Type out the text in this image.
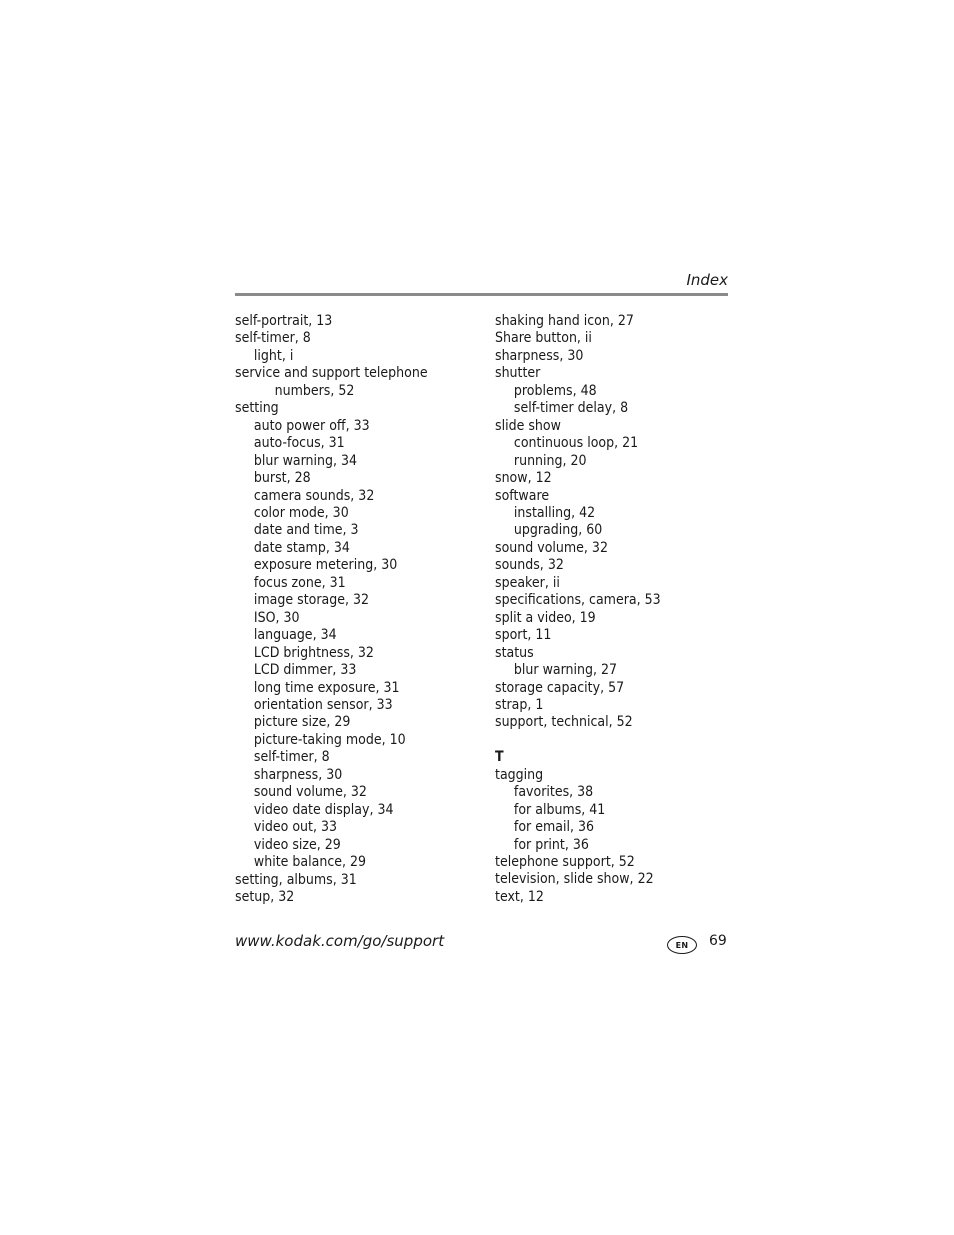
Index
self-portrait, 13
self-timer, 8
light, i
service and support telephone
numbers, 52
setting
auto power off, 33
auto-focus, 31
blur warning, 34
burst, 28
camera sounds, 32
color mode, 30
date and time, 3
date stamp, 34
exposure metering, 30
focus zone, 31
image storage, 32
ISO, 30
language, 34
LCD brightness, 32
LCD dimmer, 33
long time exposure, 31
orientation sensor, 33
picture size, 29
picture-taking mode, 10
self-timer, 8
sharpness, 30
sound volume, 32
video date display, 34
video out, 33
video size, 29
white balance, 29
setting, albums, 31
setup, 32
shaking hand icon, 27
Share button, ii
sharpness, 30
shutter
problems, 48
self-timer delay, 8
slide show
continuous loop, 21
running, 20
snow, 12
software
installing, 42
upgrading, 60
sound volume, 32
sounds, 32
speaker, ii
specifications, camera, 53
split a video, 19
sport, 11
status
blur warning, 27
storage capacity, 57
strap, 1
support, technical, 52
T
tagging
favorites, 38
for albums, 41
for email, 36
for print, 36
telephone support, 52
television, slide show, 22
text, 12
www.kodak.com/go/support	EN	69
